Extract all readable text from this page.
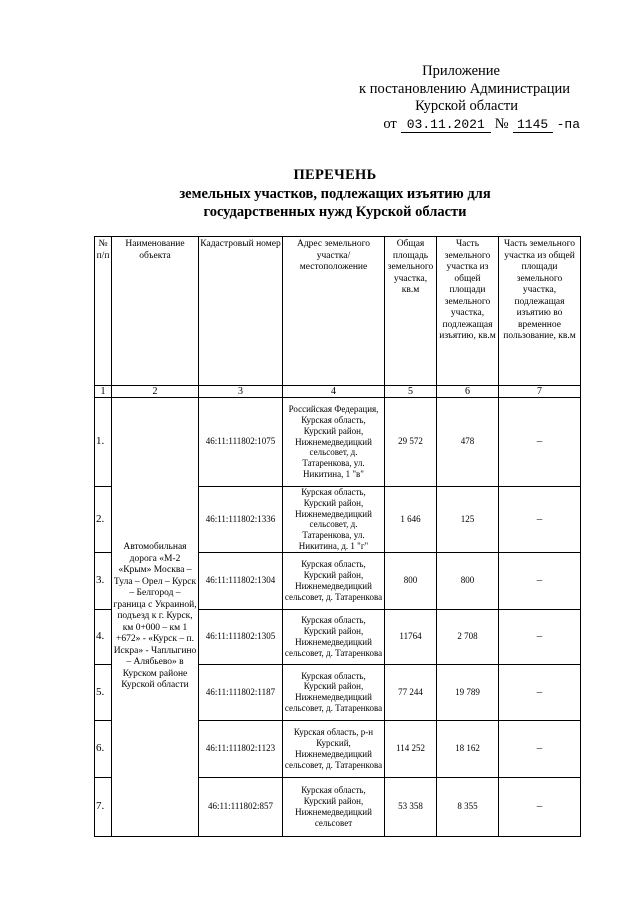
Приложение
к постановлению Администрации
Курской области
от 03.11.2021 № 1145 -па
ПЕРЕЧЕНЬ
земельных участков, подлежащих изъятию для
государственных нужд Курской области
№ п/п	Наименование объекта	Кадастровый номер	Адрес земельного участка/ местоположение	Общая площадь земельного участка, кв.м	Часть земельного участка из общей площади земельного участка, подлежащая изъятию, кв.м	Часть земельного участка из общей площади земельного участка, подлежащая изъятию во временное пользование, кв.м
1	2	3	4	5	6	7
1.	Автомобильная дорога «М-2 «Крым» Москва – Тула – Орел – Курск – Белгород – граница с Украиной, подъезд к г. Курск, км 0+000 – км 1 +672» - «Курск – п. Искра» - Чаплыгино – Алябьево» в Курском районе Курской области	46:11:111802:1075	Российская Федерация, Курская область, Курский район, Нижнемедведицкий сельсовет, д. Татаренкова, ул. Никитина, 1 "в"	29 572	478	–
2.		46:11:111802:1336	Курская область, Курский район, Нижнемедведицкий сельсовет, д. Татаренкова, ул. Никитина, д. 1 "г"	1 646	125	–
3.		46:11:111802:1304	Курская область, Курский район, Нижнемедведицкий сельсовет, д. Татаренкова	800	800	–
4.		46:11:111802:1305	Курская область, Курский район, Нижнемедведицкий сельсовет, д. Татаренкова	11764	2 708	–
5.		46:11:111802:1187	Курская область, Курский район, Нижнемедведицкий сельсовет, д. Татаренкова	77 244	19 789	–
6.		46:11:111802:1123	Курская область, р-н Курский, Нижнемедведицкий сельсовет, д. Татаренкова	114 252	18 162	–
7.		46:11:111802:857	Курская область, Курский район, Нижнемедведицкий сельсовет	53 358	8 355	–
